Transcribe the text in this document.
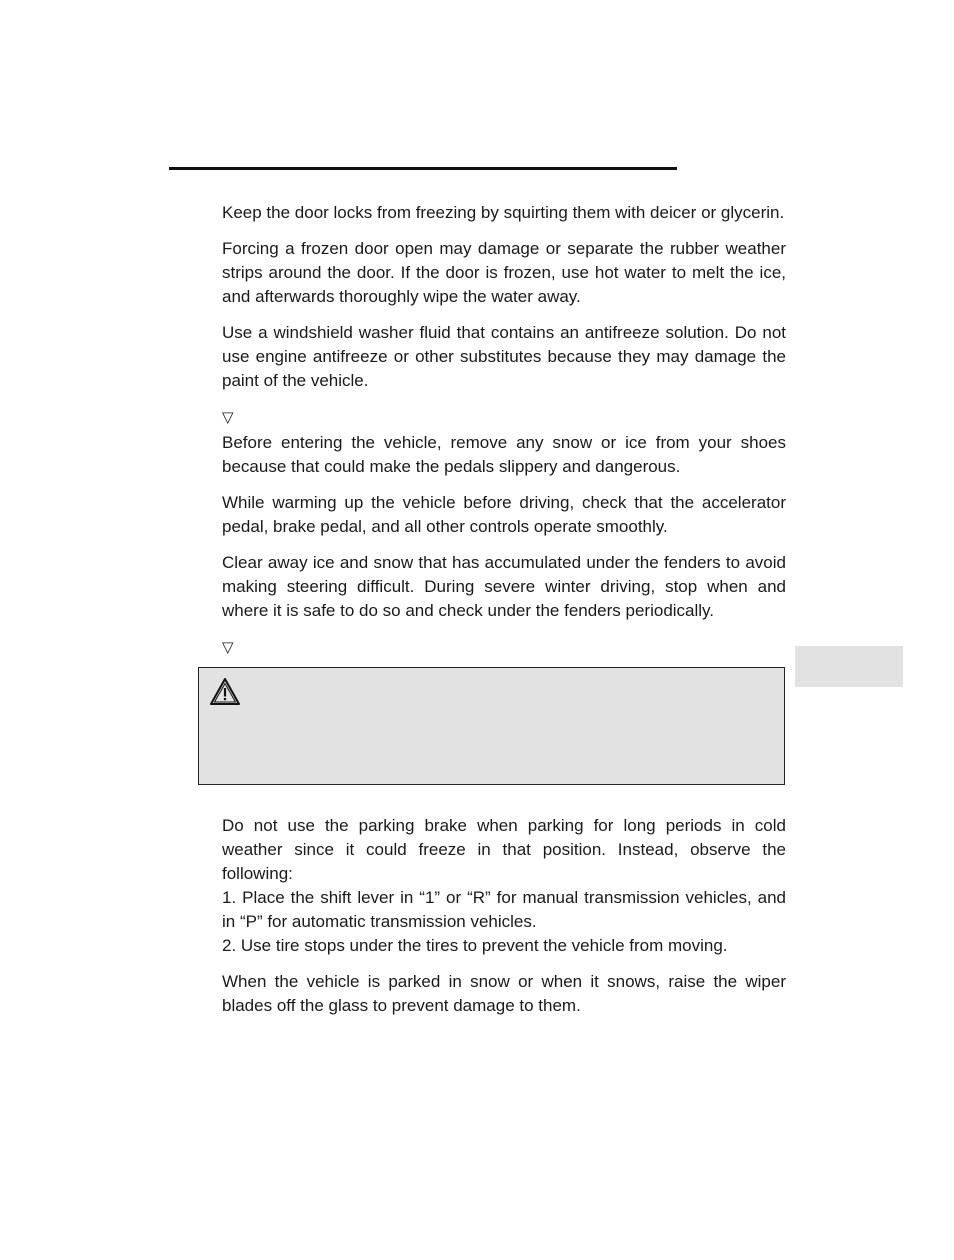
Keep the door locks from freezing by squirting them with deicer or glycerin.

Forcing a frozen door open may damage or separate the rubber weather strips around the door. If the door is frozen, use hot water to melt the ice, and afterwards thoroughly wipe the water away.

Use a windshield washer fluid that contains an antifreeze solution. Do not use engine antifreeze or other substitutes because they may damage the paint of the vehicle.

▽

Before entering the vehicle, remove any snow or ice from your shoes because that could make the pedals slippery and dangerous.

While warming up the vehicle before driving, check that the accelerator pedal, brake pedal, and all other controls operate smoothly.

Clear away ice and snow that has accumulated under the fenders to avoid making steering difficult. During severe winter driving, stop when and where it is safe to do so and check under the fenders periodically.

▽

Do not use the parking brake when parking for long periods in cold weather since it could freeze in that position. Instead, observe the following:

1. Place the shift lever in “1” or “R” for manual transmission vehicles, and in “P” for automatic transmission vehicles.

2. Use tire stops under the tires to prevent the vehicle from moving.

When the vehicle is parked in snow or when it snows, raise the wiper blades off the glass to prevent damage to them.
